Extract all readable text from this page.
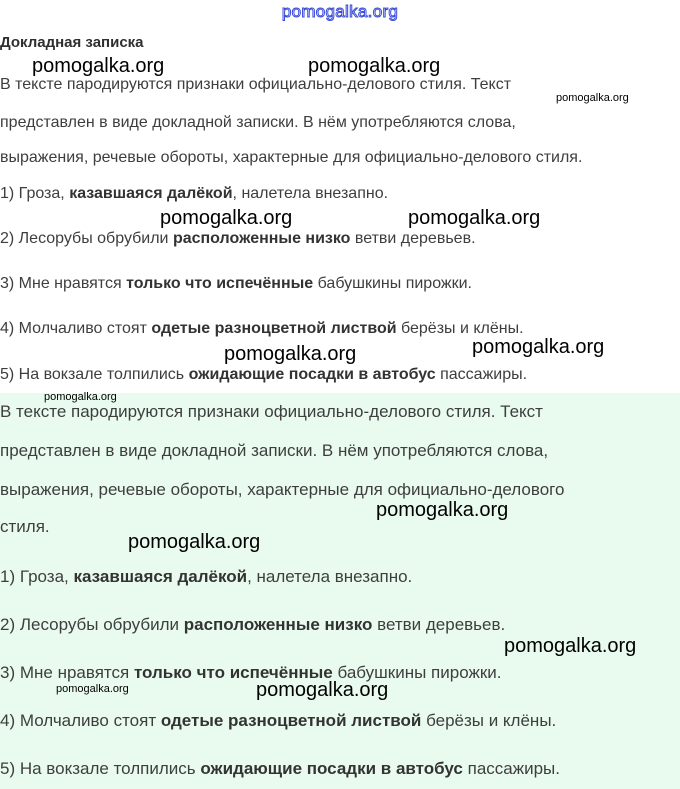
Докладная записка
В тексте пародируются признаки официально-делового стиля. Текст
представлен в виде докладной записки. В нём употребляются слова,
выражения, речевые обороты, характерные для официально-делового стиля.
1) Гроза, казавшаяся далёкой, налетела внезапно.
2) Лесорубы обрубили расположенные низко ветви деревьев.
3) Мне нравятся только что испечённые бабушкины пирожки.
4) Молчаливо стоят одетые разноцветной листвой берёзы и клёны.
5) На вокзале толпились ожидающие посадки в автобус пассажиры.
В тексте пародируются признаки официально-делового стиля. Текст
представлен в виде докладной записки. В нём употребляются слова,
выражения, речевые обороты, характерные для официально-делового
стиля.
1) Гроза, казавшаяся далёкой, налетела внезапно.
2) Лесорубы обрубили расположенные низко ветви деревьев.
3) Мне нравятся только что испечённые бабушкины пирожки.
4) Молчаливо стоят одетые разноцветной листвой берёзы и клёны.
5) На вокзале толпились ожидающие посадки в автобус пассажиры.
pomogalka.org
pomogalka.org	pomogalka.org
pomogalka.org
pomogalka.org	pomogalka.org
pomogalka.org	pomogalka.org
pomogalka.org
pomogalka.org
pomogalka.org
pomogalka.org
pomogalka.org	pomogalka.org
